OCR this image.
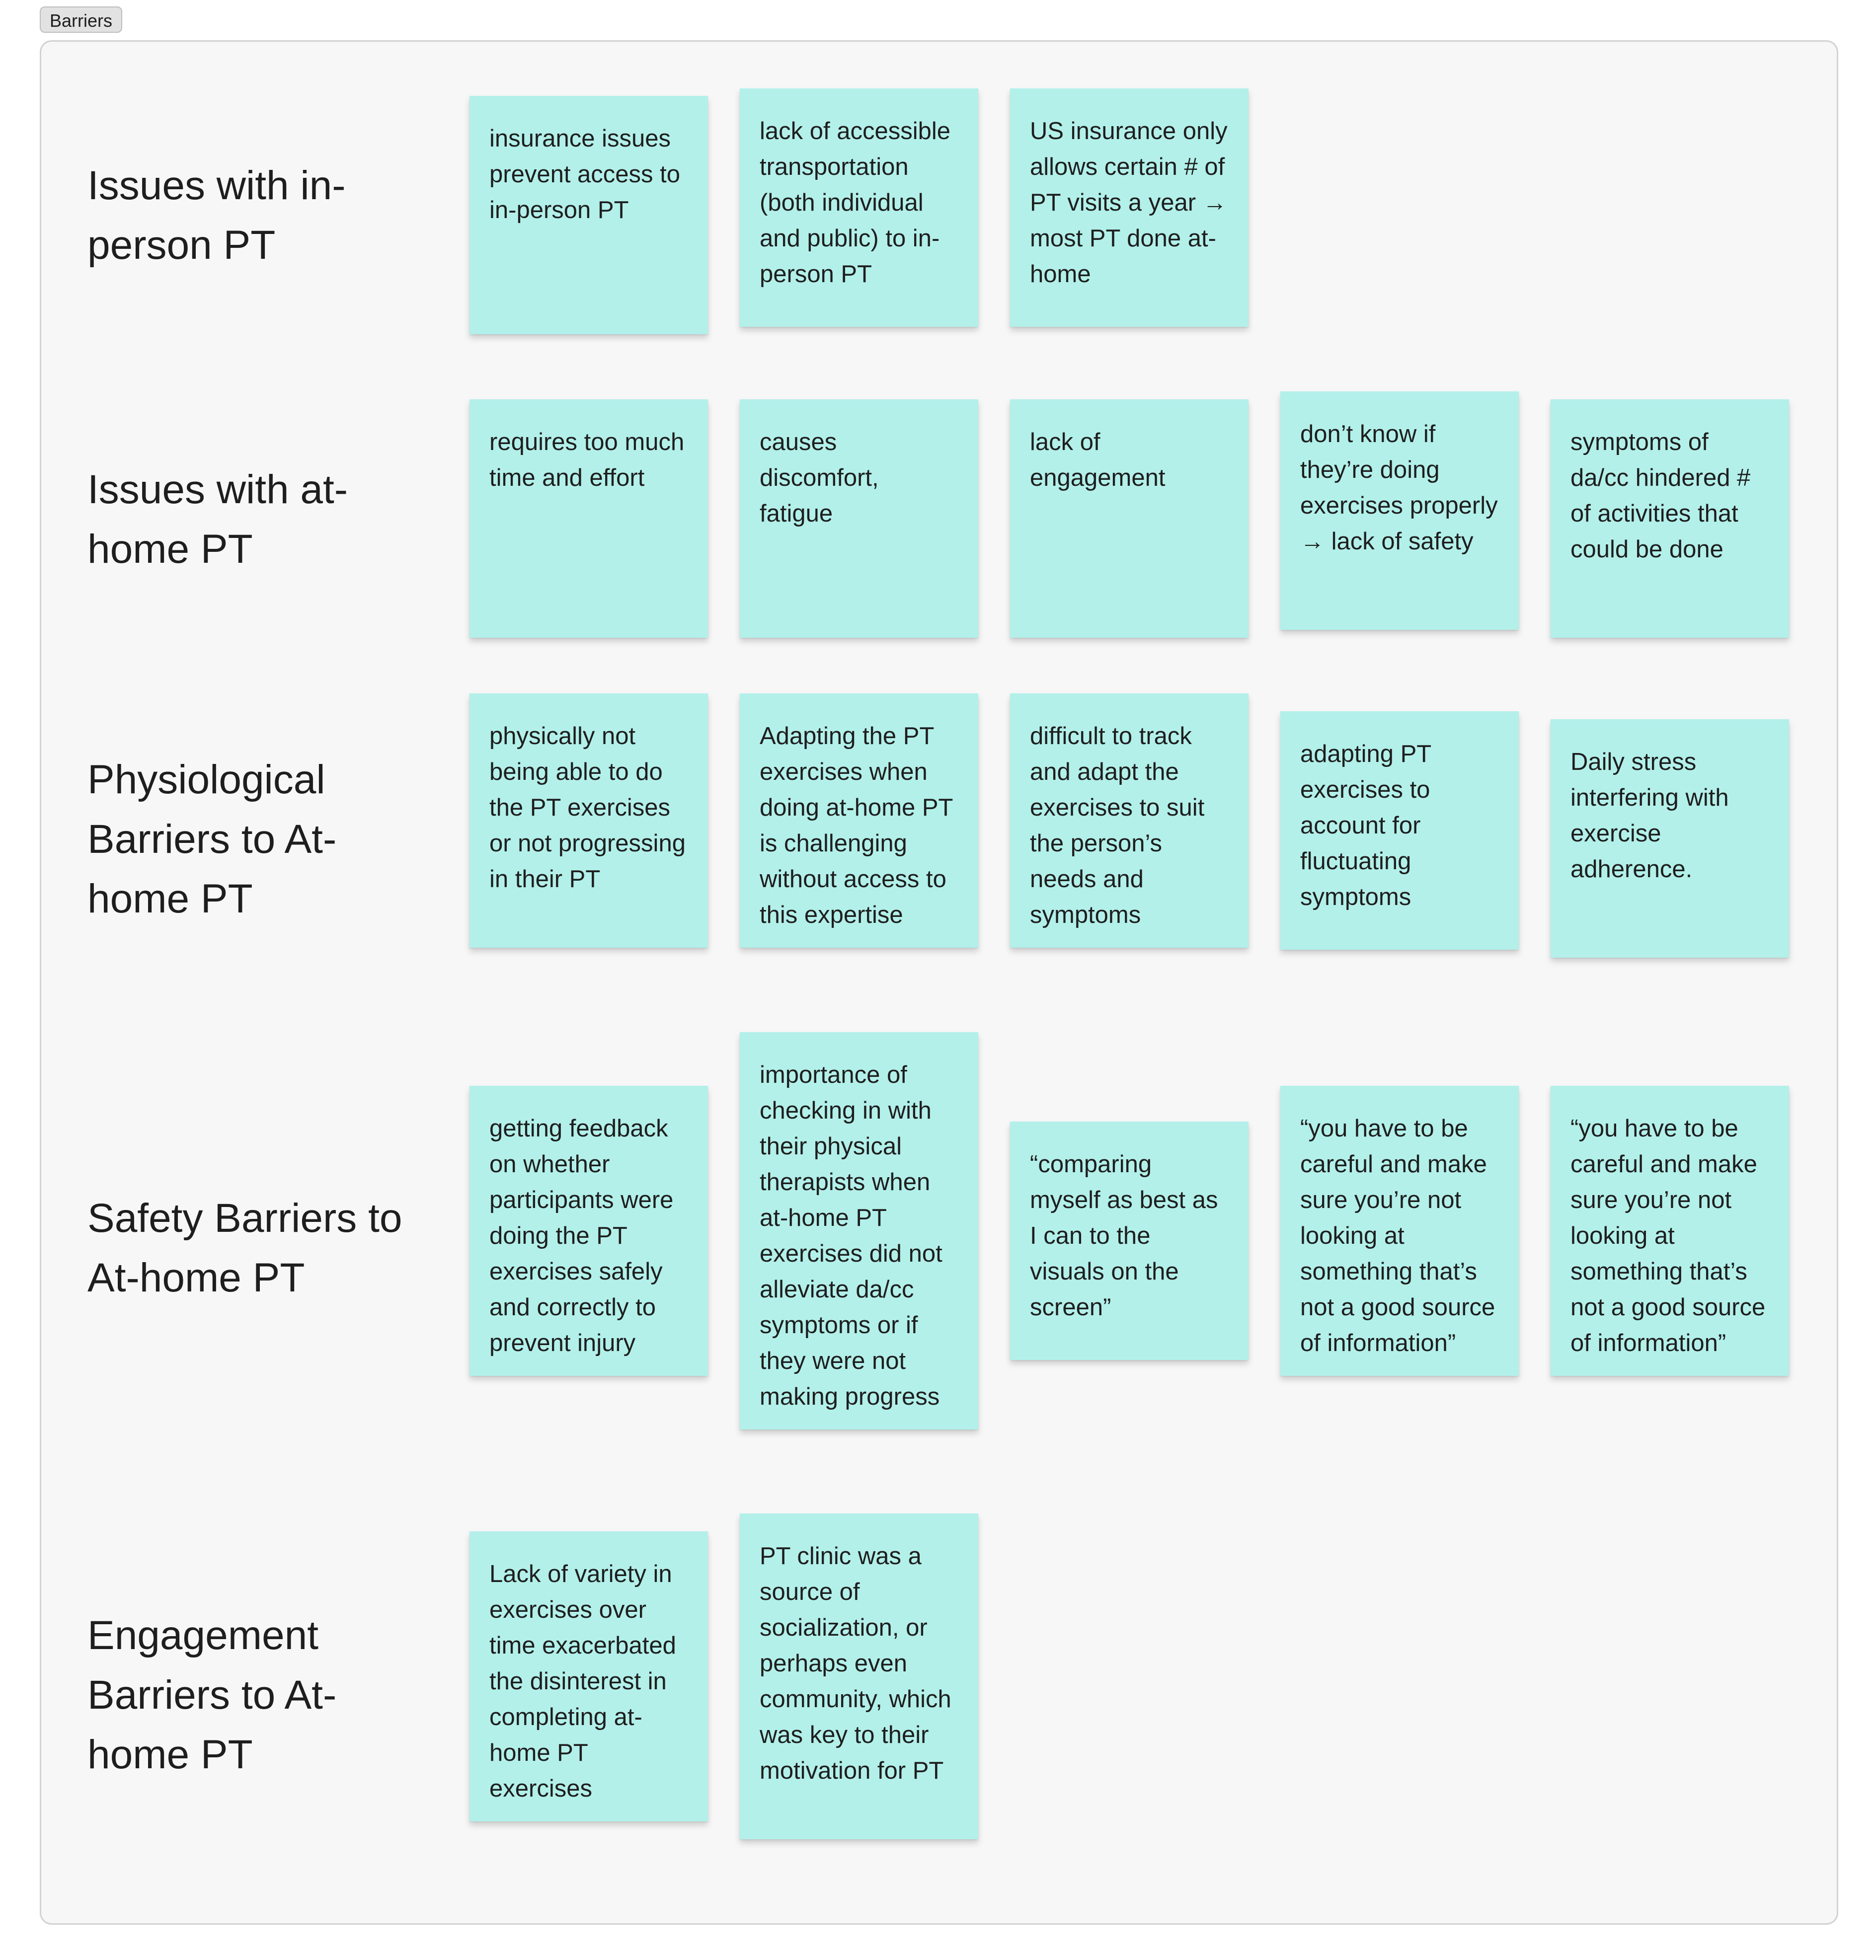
Barriers
Issues with in-person PT
insurance issues prevent access to in-person PT
lack of accessible transportation (both individual and public) to in-person PT
US insurance only allows certain # of PT visits a year → most PT done at-home
Issues with at-home PT
requires too much time and effort
causes discomfort, fatigue
lack of engagement
don’t know if they’re doing exercises properly → lack of safety
symptoms of da/cc hindered # of activities that could be done
Physiological Barriers to At-home PT
physically not being able to do the PT exercises or not progressing in their PT
Adapting the PT exercises when doing at-home PT is challenging without access to this expertise
difficult to track and adapt the exercises to suit the person’s needs and symptoms
adapting PT exercises to account for fluctuating symptoms
Daily stress interfering with exercise adherence.
Safety Barriers to At-home PT
getting feedback on whether participants were doing the PT exercises safely and correctly to prevent injury
importance of checking in with their physical therapists when at-home PT exercises did not alleviate da/cc symptoms or if they were not making progress
“comparing myself as best as I can to the visuals on the screen”
“you have to be careful and make sure you’re not looking at something that’s not a good source of information”
“you have to be careful and make sure you’re not looking at something that’s not a good source of information”
Engagement Barriers to At-home PT
Lack of variety in exercises over time exacerbated the disinterest in completing at-home PT exercises
PT clinic was a source of socialization, or perhaps even community, which was key to their motivation for PT
